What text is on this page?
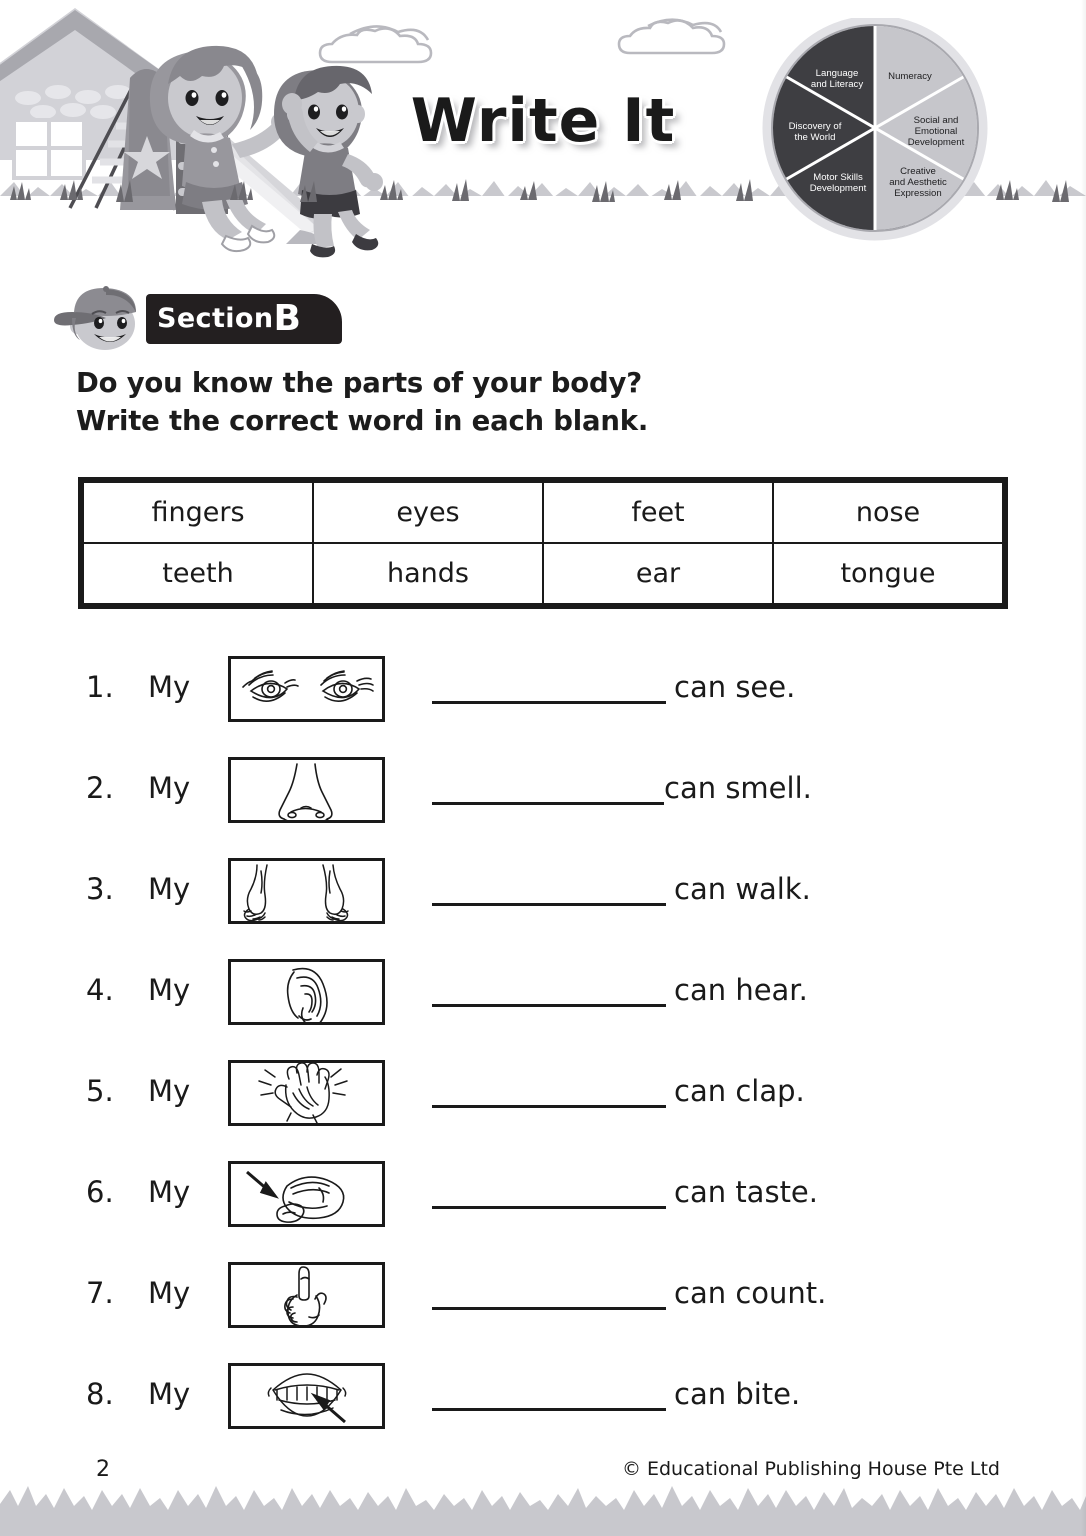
Write It
Numeracy
Social and
Emotional
Development
Creative
and Aesthetic
Expression
Motor Skills
Development
Discovery of
the World
Language
and Literacy
SectionB
Do you know the parts of your body?
Write the correct word in each blank.
fingers	eyes	feet	nose
teeth	hands	ear	tongue
1.	My	can see.
2.	My	can smell.
3.	My	can walk.
4.	My	can hear.
5.	My	can clap.
6.	My	can taste.
7.	My	can count.
8.	My	can bite.
2	© Educational Publishing House Pte Ltd
